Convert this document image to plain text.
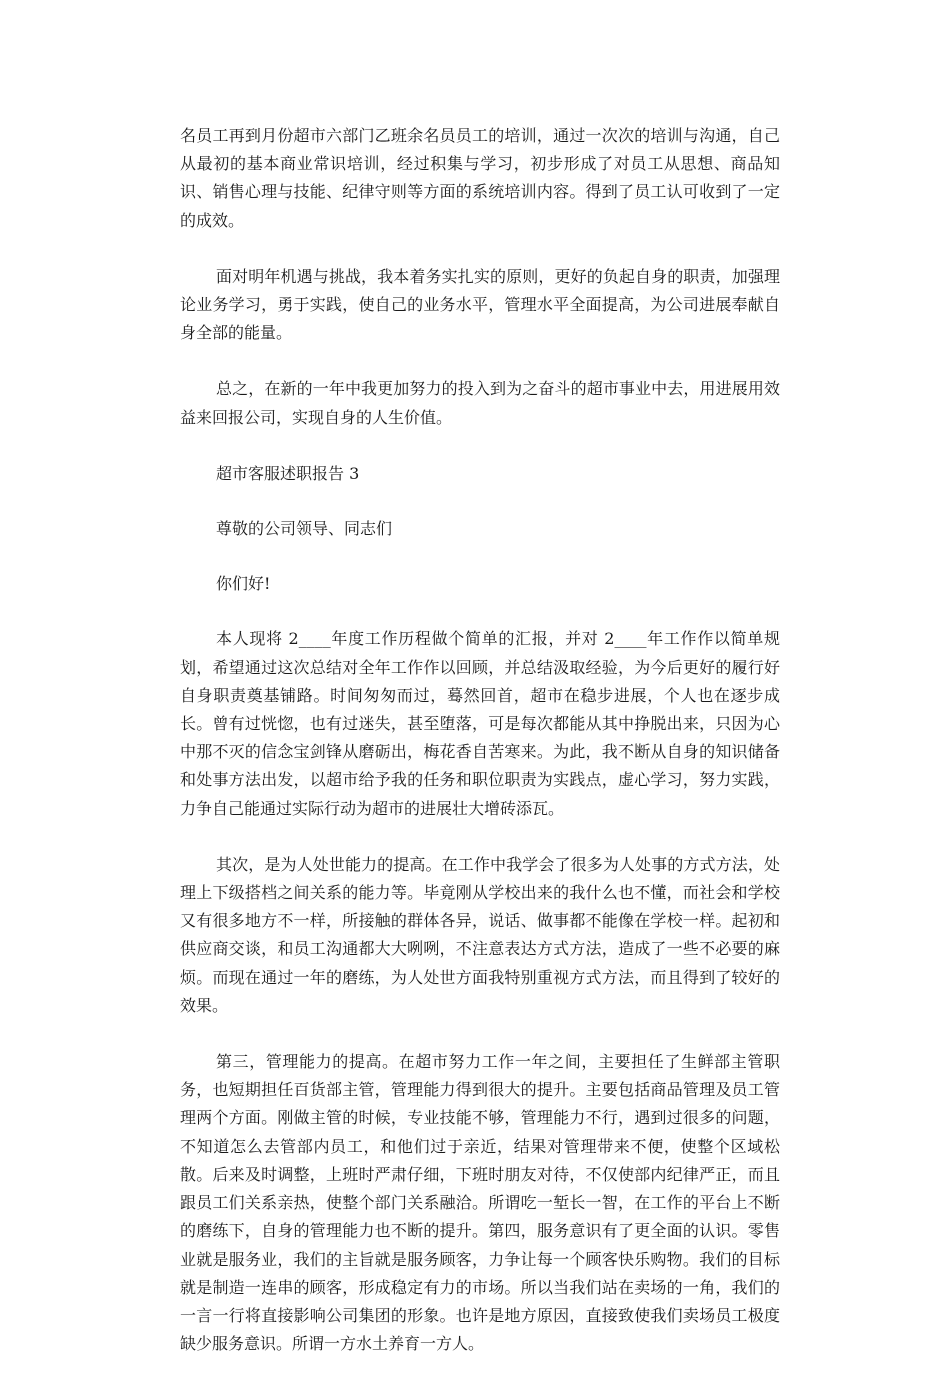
名员工再到月份超市六部门乙班余名员员工的培训，通过一次次的培训与沟通，自己从最初的基本商业常识培训，经过积集与学习，初步形成了对员工从思想、商品知识、销售心理与技能、纪律守则等方面的系统培训内容。得到了员工认可收到了一定的成效。

面对明年机遇与挑战，我本着务实扎实的原则，更好的负起自身的职责，加强理论业务学习，勇于实践，使自己的业务水平，管理水平全面提高，为公司进展奉献自身全部的能量。

总之，在新的一年中我更加努力的投入到为之奋斗的超市事业中去，用进展用效益来回报公司，实现自身的人生价值。

超市客服述职报告 3

尊敬的公司领导、同志们

你们好!

本人现将 2____年度工作历程做个简单的汇报，并对 2____年工作作以简单规划，希望通过这次总结对全年工作作以回顾，并总结汲取经验，为今后更好的履行好自身职责奠基铺路。时间匆匆而过，蓦然回首，超市在稳步进展，个人也在逐步成长。曾有过恍惚，也有过迷失，甚至堕落，可是每次都能从其中挣脱出来，只因为心中那不灭的信念宝剑锋从磨砺出，梅花香自苦寒来。为此，我不断从自身的知识储备和处事方法出发，以超市给予我的任务和职位职责为实践点，虚心学习，努力实践，力争自己能通过实际行动为超市的进展壮大增砖添瓦。

其次，是为人处世能力的提高。在工作中我学会了很多为人处事的方式方法，处理上下级搭档之间关系的能力等。毕竟刚从学校出来的我什么也不懂，而社会和学校又有很多地方不一样，所接触的群体各异，说话、做事都不能像在学校一样。起初和供应商交谈，和员工沟通都大大咧咧，不注意表达方式方法，造成了一些不必要的麻烦。而现在通过一年的磨练，为人处世方面我特别重视方式方法，而且得到了较好的效果。

第三，管理能力的提高。在超市努力工作一年之间，主要担任了生鲜部主管职务，也短期担任百货部主管，管理能力得到很大的提升。主要包括商品管理及员工管理两个方面。刚做主管的时候，专业技能不够，管理能力不行，遇到过很多的问题，不知道怎么去管部内员工，和他们过于亲近，结果对管理带来不便，使整个区域松散。后来及时调整，上班时严肃仔细，下班时朋友对待，不仅使部内纪律严正，而且跟员工们关系亲热，使整个部门关系融洽。所谓吃一堑长一智，在工作的平台上不断的磨练下，自身的管理能力也不断的提升。第四，服务意识有了更全面的认识。零售业就是服务业，我们的主旨就是服务顾客，力争让每一个顾客快乐购物。我们的目标就是制造一连串的顾客，形成稳定有力的市场。所以当我们站在卖场的一角，我们的一言一行将直接影响公司集团的形象。也许是地方原因，直接致使我们卖场员工极度缺少服务意识。所谓一方水土养育一方人。
